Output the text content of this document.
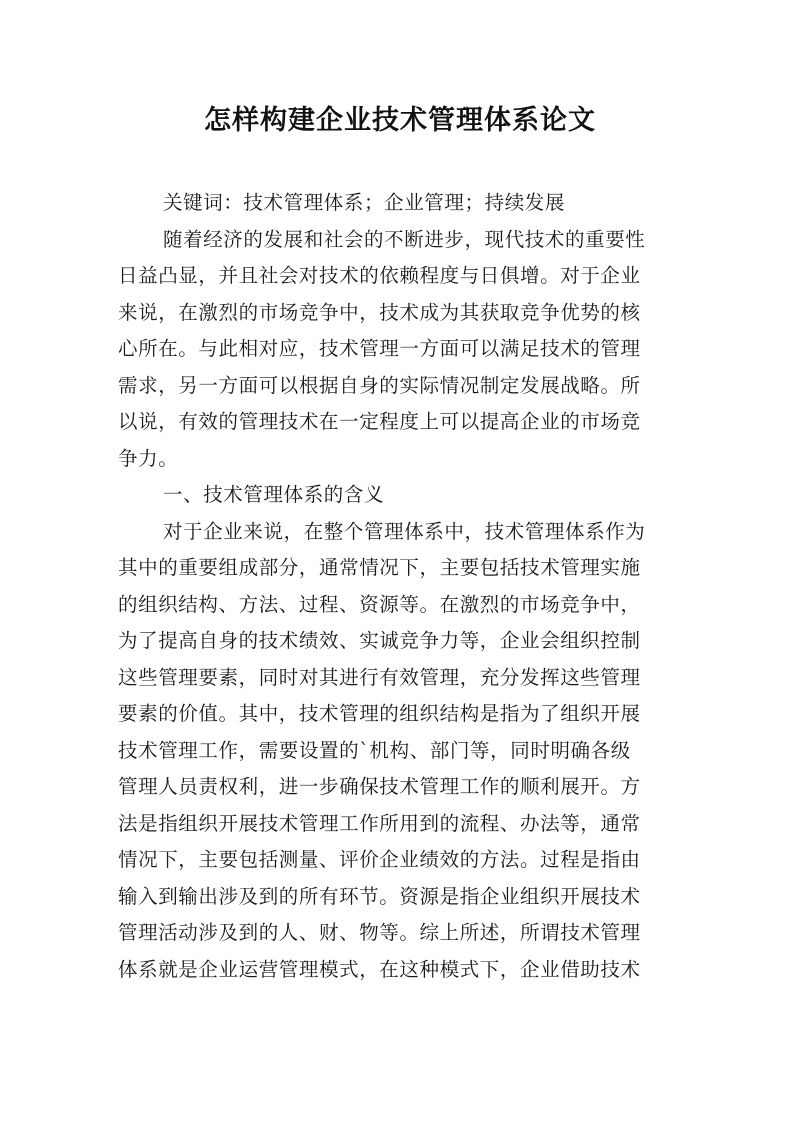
怎样构建企业技术管理体系论文
关键词：技术管理体系；企业管理；持续发展
随着经济的发展和社会的不断进步，现代技术的重要性
日益凸显，并且社会对技术的依赖程度与日俱增。对于企业
来说，在激烈的市场竞争中，技术成为其获取竞争优势的核
心所在。与此相对应，技术管理一方面可以满足技术的管理
需求，另一方面可以根据自身的实际情况制定发展战略。所
以说，有效的管理技术在一定程度上可以提高企业的市场竞
争力。
一、技术管理体系的含义
对于企业来说，在整个管理体系中，技术管理体系作为
其中的重要组成部分，通常情况下，主要包括技术管理实施
的组织结构、方法、过程、资源等。在激烈的市场竞争中，
为了提高自身的技术绩效、实诚竞争力等，企业会组织控制
这些管理要素，同时对其进行有效管理，充分发挥这些管理
要素的价值。其中，技术管理的组织结构是指为了组织开展
技术管理工作，需要设置的`机构、部门等，同时明确各级
管理人员责权利，进一步确保技术管理工作的顺利展开。方
法是指组织开展技术管理工作所用到的流程、办法等，通常
情况下，主要包括测量、评价企业绩效的方法。过程是指由
输入到输出涉及到的所有环节。资源是指企业组织开展技术
管理活动涉及到的人、财、物等。综上所述，所谓技术管理
体系就是企业运营管理模式，在这种模式下，企业借助技术
